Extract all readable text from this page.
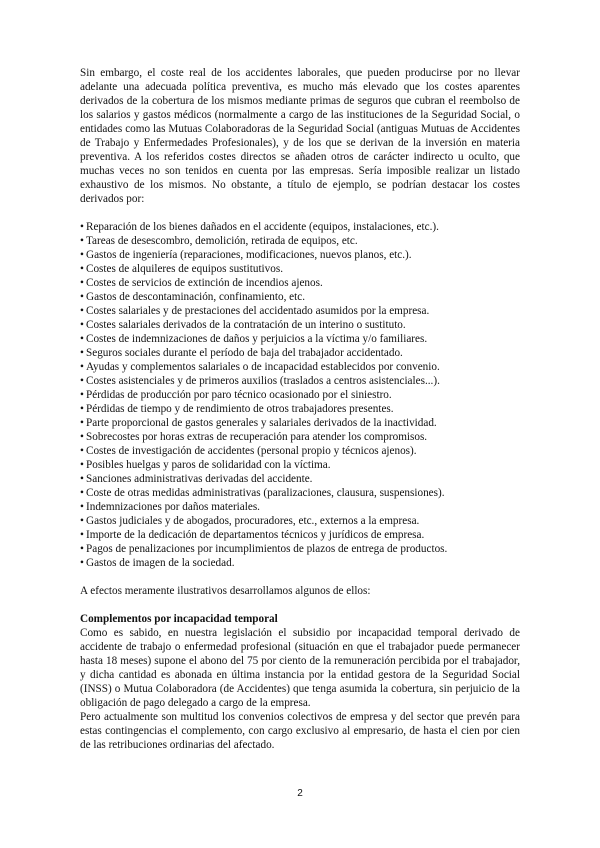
Sin embargo, el coste real de los accidentes laborales, que pueden producirse por no llevar adelante una adecuada política preventiva, es mucho más elevado que los costes aparentes derivados de la cobertura de los mismos mediante primas de seguros que cubran el reembolso de los salarios y gastos médicos (normalmente a cargo de las instituciones de la Seguridad Social, o entidades como las Mutuas Colaboradoras de la Seguridad Social (antiguas Mutuas de Accidentes de Trabajo y Enfermedades Profesionales), y de los que se derivan de la inversión en materia preventiva. A los referidos costes directos se añaden otros de carácter indirecto u oculto, que muchas veces no son tenidos en cuenta por las empresas. Sería imposible realizar un listado exhaustivo de los mismos. No obstante, a título de ejemplo, se podrían destacar los costes derivados por:

• Reparación de los bienes dañados en el accidente (equipos, instalaciones, etc.).
• Tareas de desescombro, demolición, retirada de equipos, etc.
• Gastos de ingeniería (reparaciones, modificaciones, nuevos planos, etc.).
• Costes de alquileres de equipos sustitutivos.
• Costes de servicios de extinción de incendios ajenos.
• Gastos de descontaminación, confinamiento, etc.
• Costes salariales y de prestaciones del accidentado asumidos por la empresa.
• Costes salariales derivados de la contratación de un interino o sustituto.
• Costes de indemnizaciones de daños y perjuicios a la víctima y/o familiares.
• Seguros sociales durante el período de baja del trabajador accidentado.
• Ayudas y complementos salariales o de incapacidad establecidos por convenio.
• Costes asistenciales y de primeros auxilios (traslados a centros asistenciales...).
• Pérdidas de producción por paro técnico ocasionado por el siniestro.
• Pérdidas de tiempo y de rendimiento de otros trabajadores presentes.
• Parte proporcional de gastos generales y salariales derivados de la inactividad.
• Sobrecostes por horas extras de recuperación para atender los compromisos.
• Costes de investigación de accidentes (personal propio y técnicos ajenos).
• Posibles huelgas y paros de solidaridad con la víctima.
• Sanciones administrativas derivadas del accidente.
• Coste de otras medidas administrativas (paralizaciones, clausura, suspensiones).
• Indemnizaciones por daños materiales.
• Gastos judiciales y de abogados, procuradores, etc., externos a la empresa.
• Importe de la dedicación de departamentos técnicos y jurídicos de empresa.
• Pagos de penalizaciones por incumplimientos de plazos de entrega de productos.
• Gastos de imagen de la sociedad.

A efectos meramente ilustrativos desarrollamos algunos de ellos:

Complementos por incapacidad temporal

Como es sabido, en nuestra legislación el subsidio por incapacidad temporal derivado de accidente de trabajo o enfermedad profesional (situación en que el trabajador puede permanecer hasta 18 meses) supone el abono del 75 por ciento de la remuneración percibida por el trabajador, y dicha cantidad es abonada en última instancia por la entidad gestora de la Seguridad Social (INSS) o Mutua Colaboradora (de Accidentes) que tenga asumida la cobertura, sin perjuicio de la obligación de pago delegado a cargo de la empresa.

Pero actualmente son multitud los convenios colectivos de empresa y del sector que prevén para estas contingencias el complemento, con cargo exclusivo al empresario, de hasta el cien por cien de las retribuciones ordinarias del afectado.

2
